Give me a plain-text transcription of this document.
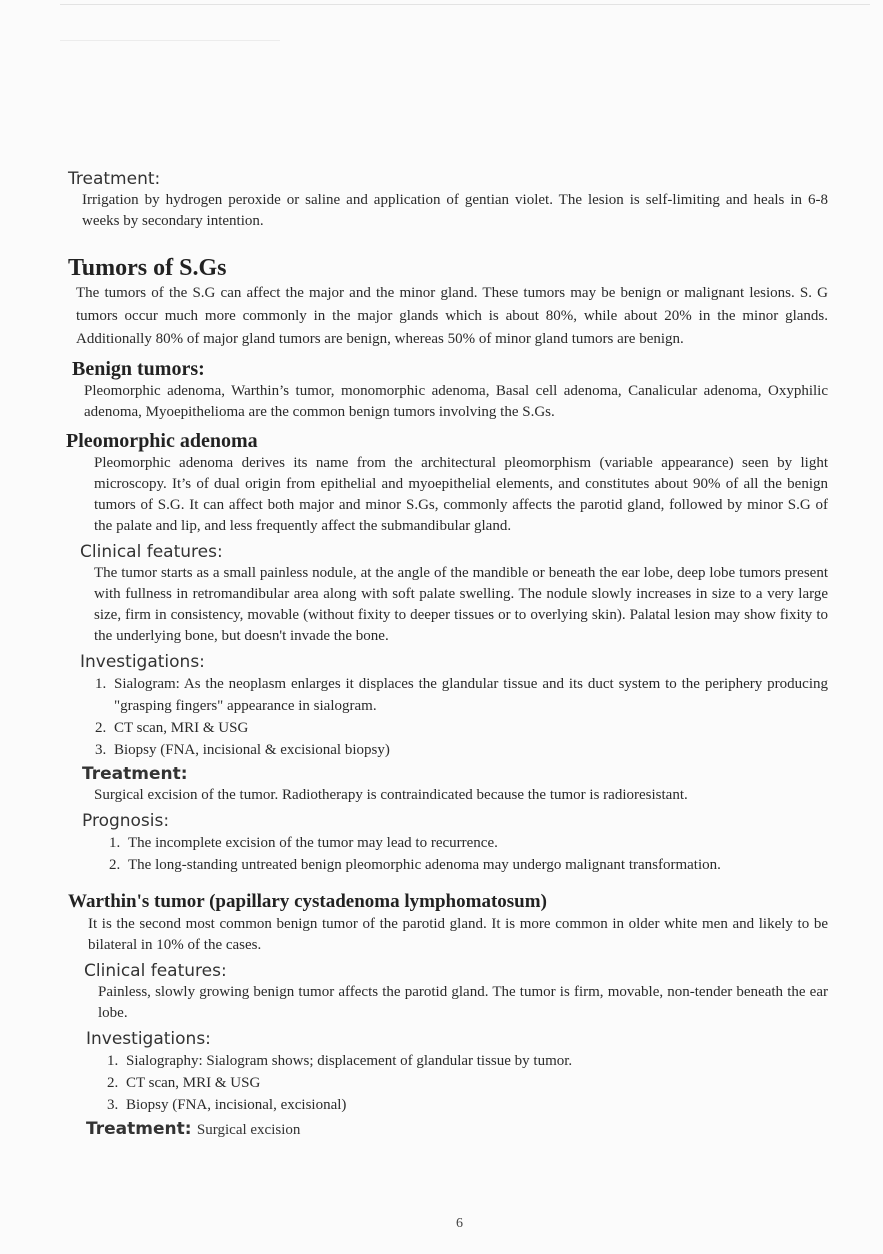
Treatment:

Irrigation by hydrogen peroxide or saline and application of gentian violet. The lesion is self-limiting and heals in 6-8 weeks by secondary intention.

Tumors of S.Gs

The tumors of the S.G can affect the major and the minor gland. These tumors may be benign or malignant lesions. S. G tumors occur much more commonly in the major glands which is about 80%, while about 20% in the minor glands. Additionally 80% of major gland tumors are benign, whereas 50% of minor gland tumors are benign.

Benign tumors:

Pleomorphic adenoma, Warthin’s tumor, monomorphic adenoma, Basal cell adenoma, Canalicular adenoma, Oxyphilic adenoma, Myoepithelioma are the common benign tumors involving the S.Gs.

Pleomorphic adenoma

Pleomorphic adenoma derives its name from the architectural pleomorphism (variable appearance) seen by light microscopy. It’s of dual origin from epithelial and myoepithelial elements, and constitutes about 90% of all the benign tumors of S.G. It can affect both major and minor S.Gs, commonly affects the parotid gland, followed by minor S.G of the palate and lip, and less frequently affect the submandibular gland.

Clinical features:

The tumor starts as a small painless nodule, at the angle of the mandible or beneath the ear lobe, deep lobe tumors present with fullness in retromandibular area along with soft palate swelling. The nodule slowly increases in size to a very large size, firm in consistency, movable (without fixity to deeper tissues or to overlying skin). Palatal lesion may show fixity to the underlying bone, but doesn't invade the bone.

Investigations:
1. Sialogram: As the neoplasm enlarges it displaces the glandular tissue and its duct system to the periphery producing "grasping fingers" appearance in sialogram.
2. CT scan, MRI & USG
3. Biopsy (FNA, incisional & excisional biopsy)
Treatment:

Surgical excision of the tumor. Radiotherapy is contraindicated because the tumor is radioresistant.

Prognosis:
1. The incomplete excision of the tumor may lead to recurrence.
2. The long-standing untreated benign pleomorphic adenoma may undergo malignant transformation.
Warthin's tumor (papillary cystadenoma lymphomatosum)

It is the second most common benign tumor of the parotid gland. It is more common in older white men and likely to be bilateral in 10% of the cases.

Clinical features:

Painless, slowly growing benign tumor affects the parotid gland. The tumor is firm, movable, non-tender beneath the ear lobe.

Investigations:
1. Sialography: Sialogram shows; displacement of glandular tissue by tumor.
2. CT scan, MRI & USG
3. Biopsy (FNA, incisional, excisional)
Treatment: Surgical excision
6
